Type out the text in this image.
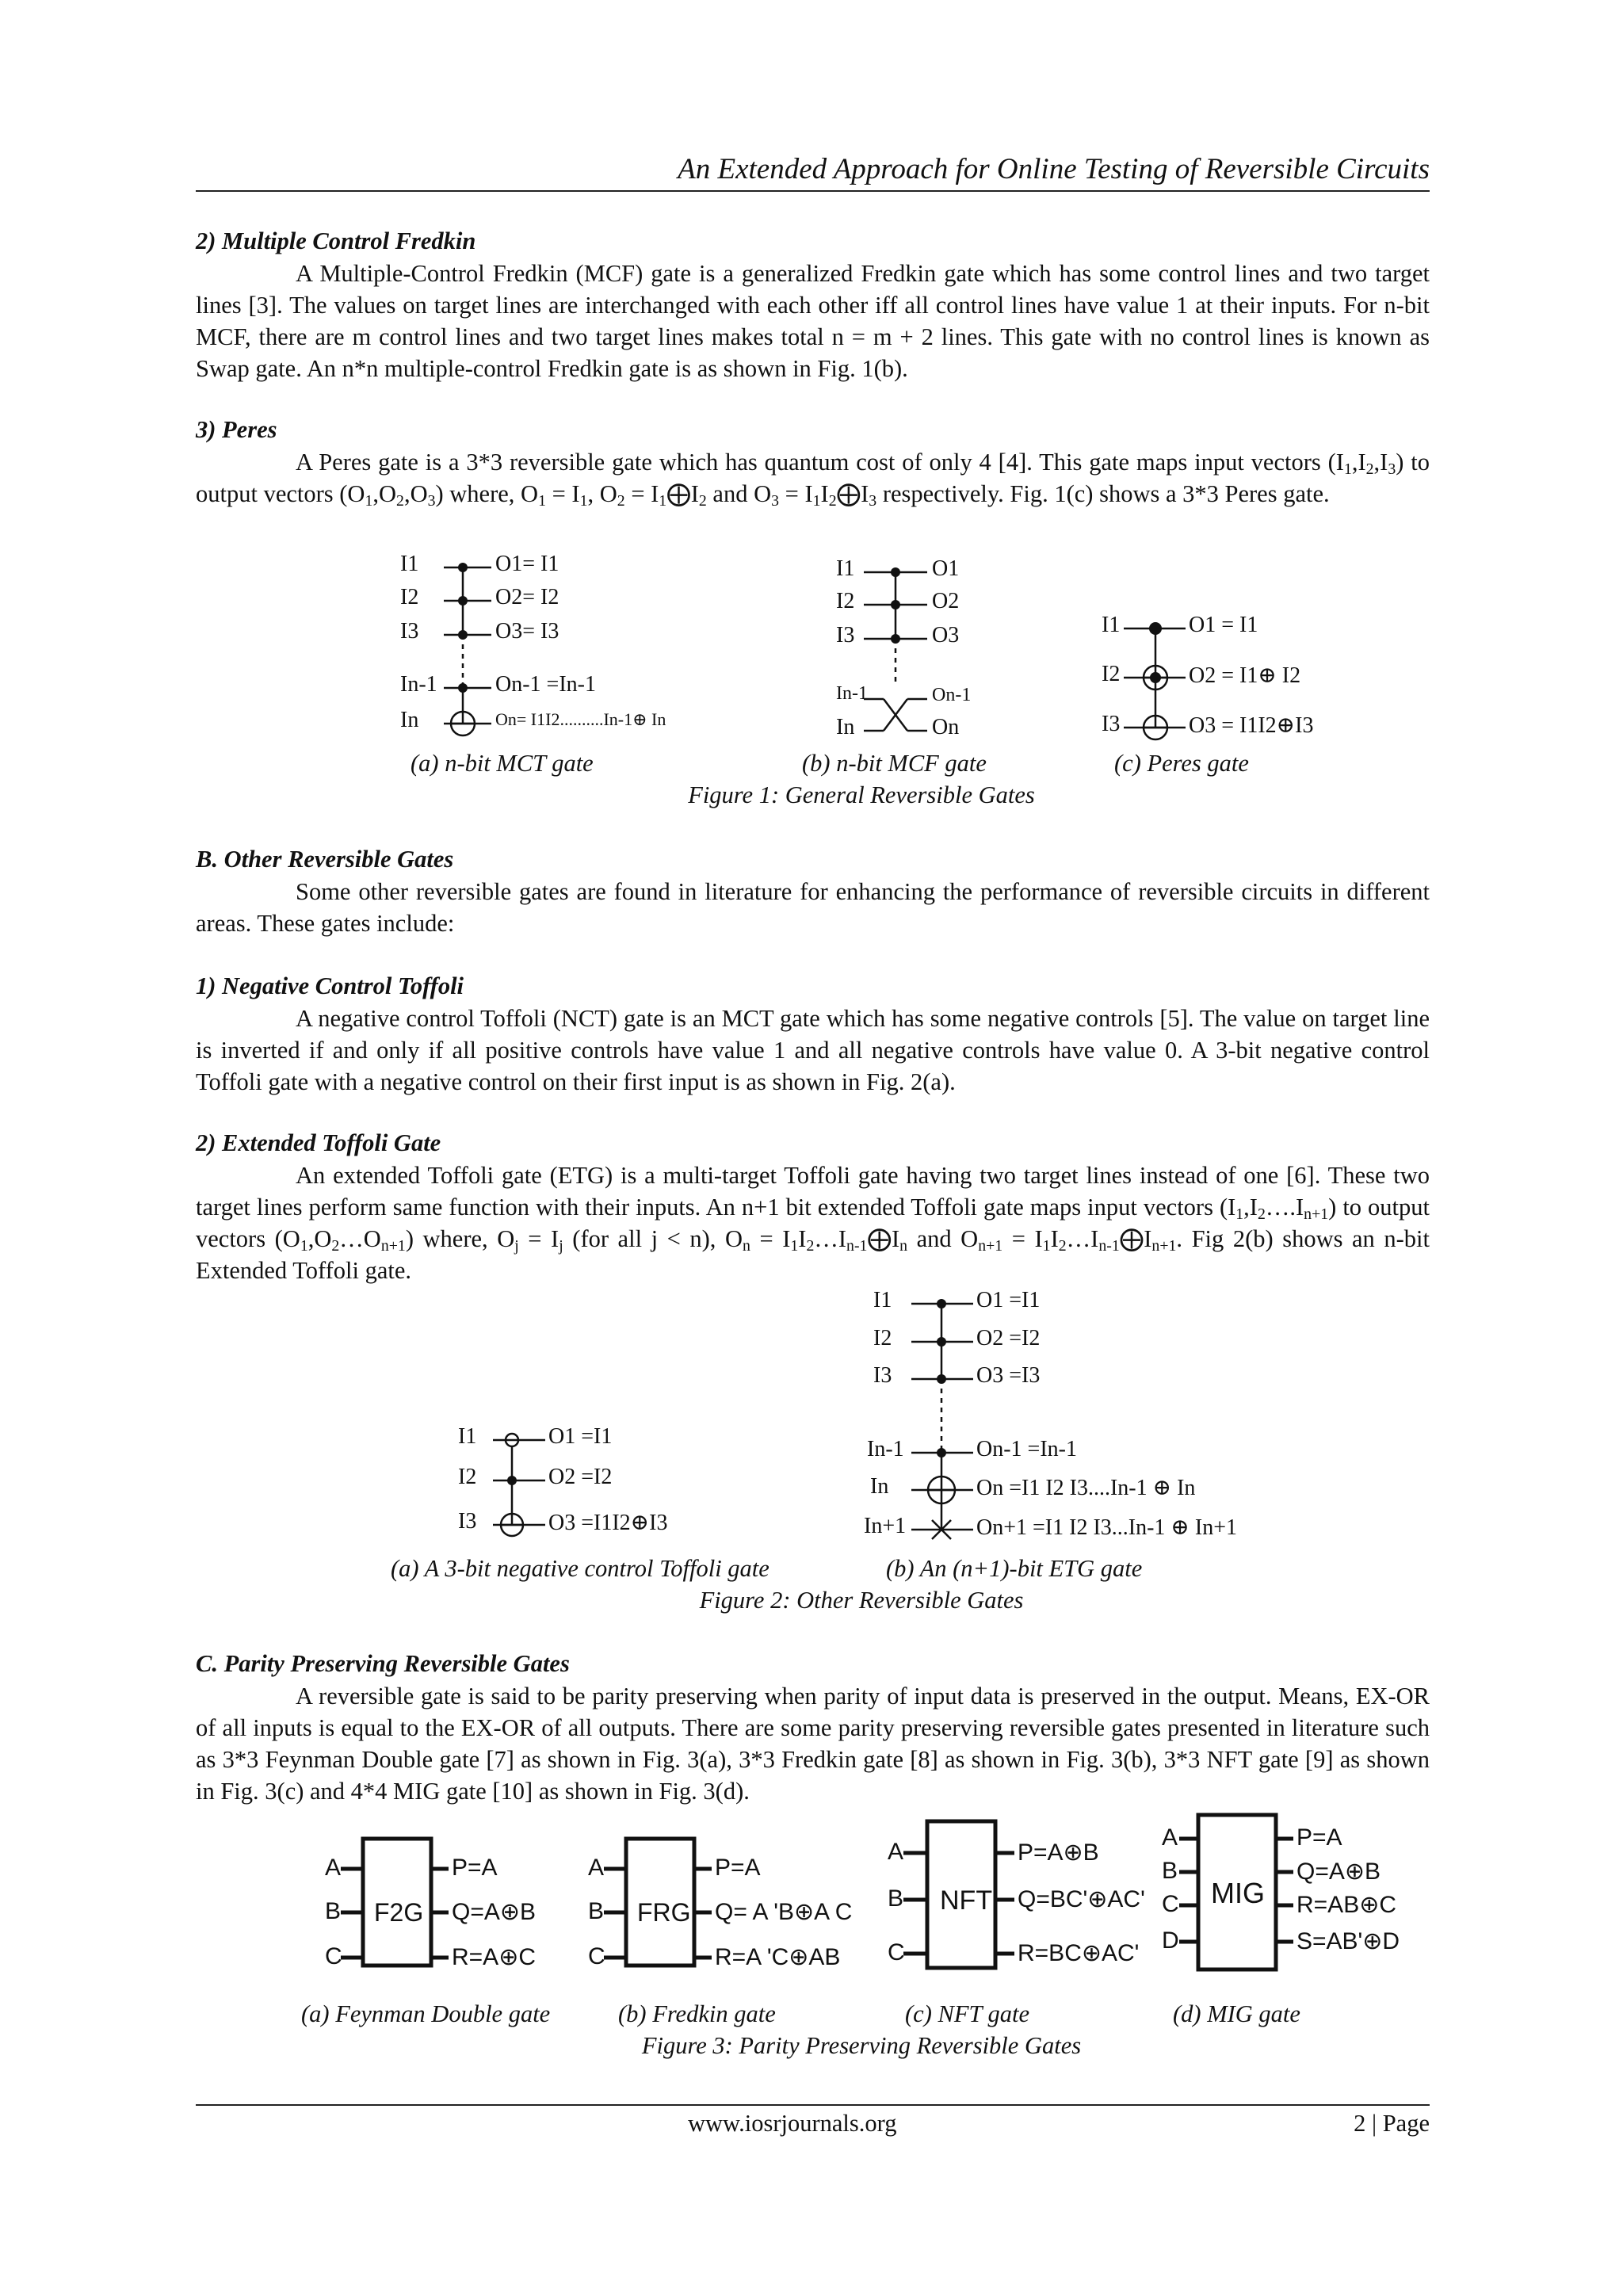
An Extended Approach for Online Testing of Reversible Circuits
2) Multiple Control Fredkin

A Multiple-Control Fredkin (MCF) gate is a generalized Fredkin gate which has some control lines and two target lines [3]. The values on target lines are interchanged with each other iff all control lines have value 1 at their inputs. For n-bit MCF, there are m control lines and two target lines makes total n = m + 2 lines. This gate with no control lines is known as Swap gate. An n*n multiple-control Fredkin gate is as shown in Fig. 1(b).

3) Peres

A Peres gate is a 3*3 reversible gate which has quantum cost of only 4 [4]. This gate maps input vectors $(I_1,I_2,I_3)$ to output vectors $(O_1,O_2,O_3)$ where, $O_1 = I_1$, $O_2$ = $I_1⨁I_2$ and $O_3$ = $I_1I_2⨁I_3$ respectively. Fig. 1(c) shows a 3*3 Peres gate.

I1
I2
I3
In-1
In
O1= I1
O2= I2
O3= I3
On-1 =In-1
On= I1I2..........In-1⊕ In
I1
I2
I3
In-1
In
O1
O2
O3
On-1
On
I1
I2
I3
O1 = I1
O2 = I1⊕ I2
O3 = I1I2⊕I3
(a) n-bit MCT gate	(b) n-bit MCF gate	(c) Peres gate
Figure 1: General Reversible Gates
B. Other Reversible Gates

Some other reversible gates are found in literature for enhancing the performance of reversible circuits in different areas. These gates include:

1) Negative Control Toffoli

A negative control Toffoli (NCT) gate is an MCT gate which has some negative controls [5]. The value on target line is inverted if and only if all positive controls have value 1 and all negative controls have value 0. A 3-bit negative control Toffoli gate with a negative control on their first input is as shown in Fig. 2(a).

2) Extended Toffoli Gate

An extended Toffoli gate (ETG) is a multi-target Toffoli gate having two target lines instead of one [6]. These two target lines perform same function with their inputs. An n+1 bit extended Toffoli gate maps input vectors $(I_1,I_2\dots.I_{n+1})$ to output vectors $(O_1,O_2\dots O_{n+1})$ where, $O_j = I_j$ (for all j < n), $O_n$ = $I_1I_2\dots I_{n-1}⨁I_n$ and $O_{n+1}$ = $I_1I_2\dots I_{n-1}⨁I_{n+1}$. Fig 2(b) shows an n-bit Extended Toffoli gate.

I1
I2
I3
O1 =I1
O2 =I2
O3 =I1I2⊕I3
I1
I2
I3
In-1
In
In+1
O1 =I1
O2 =I2
O3 =I3
On-1 =In-1
On =I1 I2 I3....In-1 ⊕ In
On+1 =I1 I2 I3...In-1 ⊕ In+1
(a) A 3-bit negative control Toffoli gate	(b) An (n+1)-bit ETG gate
Figure 2: Other Reversible Gates
C. Parity Preserving Reversible Gates

A reversible gate is said to be parity preserving when parity of input data is preserved in the output. Means, EX-OR of all inputs is equal to the EX-OR of all outputs. There are some parity preserving reversible gates presented in literature such as 3*3 Feynman Double gate [7] as shown in Fig. 3(a), 3*3 Fredkin gate [8] as shown in Fig. 3(b), 3*3 NFT gate [9] as shown in Fig. 3(c) and 4*4 MIG gate [10] as shown in Fig. 3(d).

A
B
C
F2G
P=A
Q=A⊕B
R=A⊕C
A
B
C
FRG
P=A
Q= A 'B⊕A C
R=A 'C⊕AB
A
B
C
NFT
P=A⊕B
Q=BC'⊕AC'
R=BC⊕AC'
A
B
C
D
MIG
P=A
Q=A⊕B
R=AB⊕C
S=AB'⊕D
(a) Feynman Double gate	(b) Fredkin gate	(c) NFT gate	(d) MIG gate
Figure 3: Parity Preserving Reversible Gates
www.iosrjournals.org	2 | Page
